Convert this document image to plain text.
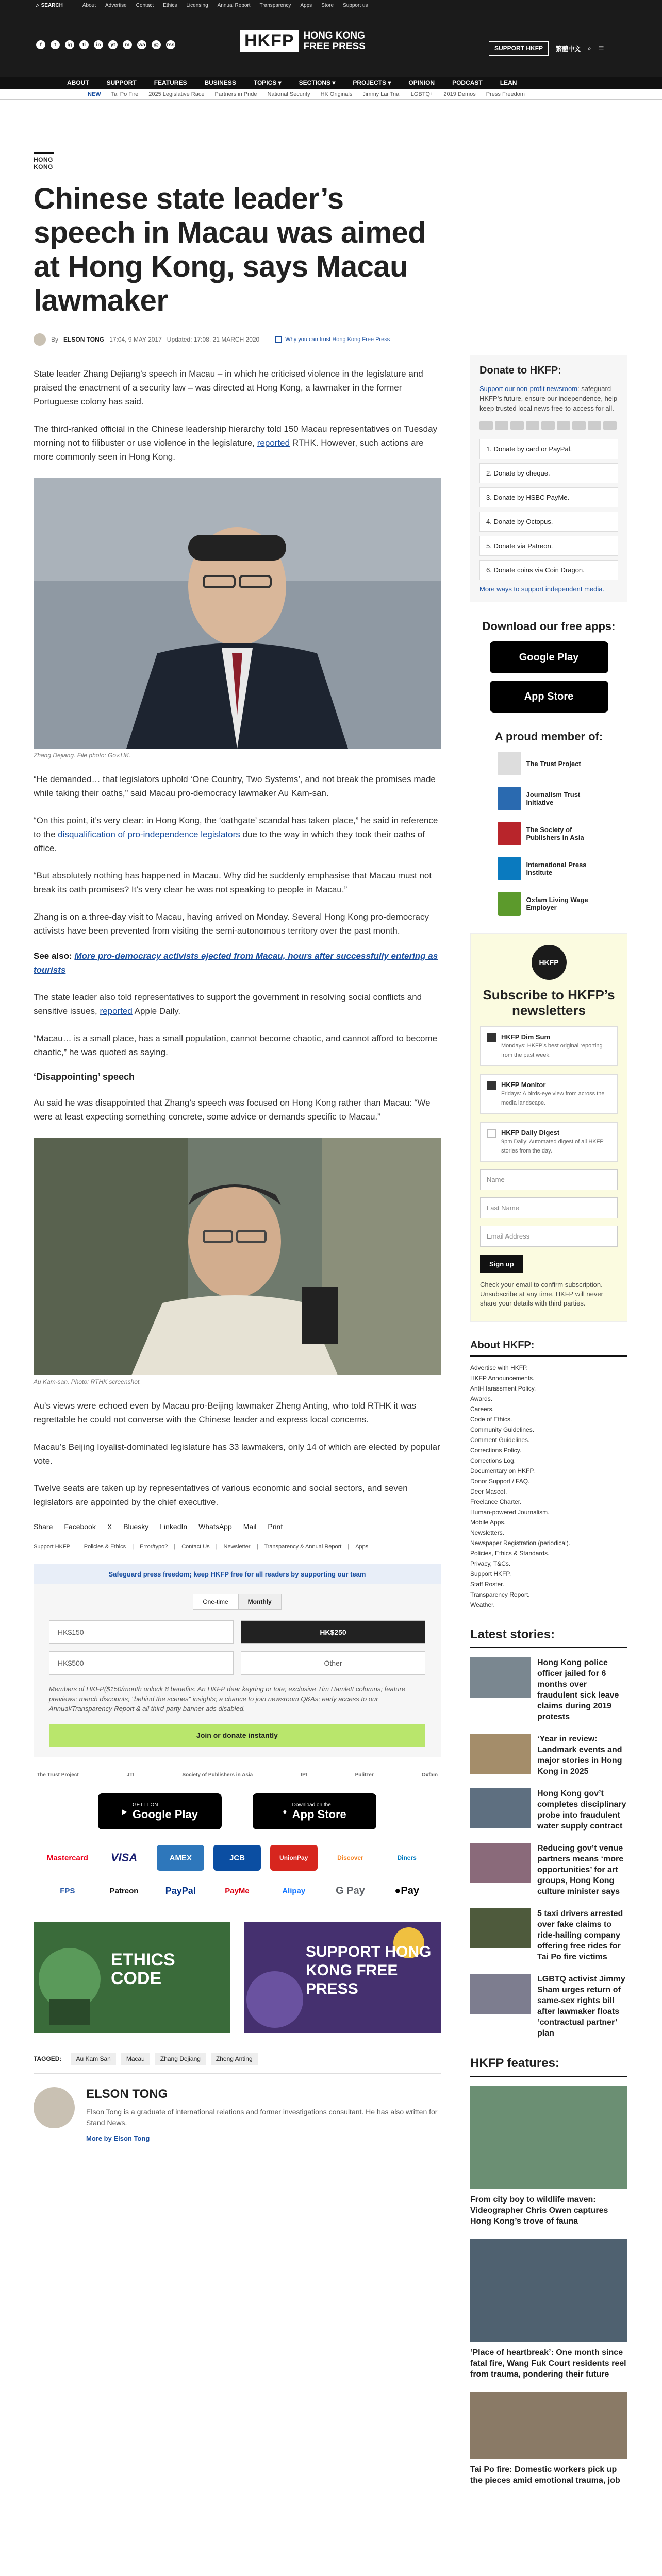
⌕ SEARCH	About Advertise Contact Ethics Licensing Annual Report Transparency Apps Store Support us
f	t	ig	ti	in	yt	m	wa	@	rss	HKFP HONG KONG
FREE PRESS	SUPPORT HKFP	繁體中文 ⌕ ☰
ABOUT	SUPPORT	FEATURES	BUSINESS	TOPICS ▾	SECTIONS ▾	PROJECTS ▾	OPINION	PODCAST	LEAN
NEW Tai Po Fire 2025 Legislative Race Partners in Pride National Security HK Originals Jimmy Lai Trial LGBTQ+ 2019 Demos Press Freedom
HONG KONG
Chinese state leader’s speech in Macau was aimed at Hong Kong, says Macau lawmaker
By ELSON TONG 17:04, 9 MAY 2017 Updated: 17:08, 21 MARCH 2020	Why you can trust Hong Kong Free Press

State leader Zhang Dejiang’s speech in Macau – in which he criticised violence in the legislature and praised the enactment of a security law – was directed at Hong Kong, a lawmaker in the former Portuguese colony has said.

The third-ranked official in the Chinese leadership hierarchy told 150 Macau representatives on Tuesday morning not to filibuster or use violence in the legislature, reported RTHK. However, such actions are more commonly seen in Hong Kong.

Zhang Dejiang. File photo: Gov.HK.

“He demanded… that legislators uphold ‘One Country, Two Systems’, and not break the promises made while taking their oaths,” said Macau pro-democracy lawmaker Au Kam-san.

“On this point, it’s very clear: in Hong Kong, the ‘oathgate’ scandal has taken place,” he said in reference to the disqualification of pro-independence legislators due to the way in which they took their oaths of office.

“But absolutely nothing has happened in Macau. Why did he suddenly emphasise that Macau must not break its oath promises? It’s very clear he was not speaking to people in Macau.”

Zhang is on a three-day visit to Macau, having arrived on Monday. Several Hong Kong pro-democracy activists have been prevented from visiting the semi-autonomous territory over the past month.

See also: More pro-democracy activists ejected from Macau, hours after successfully entering as tourists

The state leader also told representatives to support the government in resolving social conflicts and sensitive issues, reported Apple Daily.

“Macau… is a small place, has a small population, cannot become chaotic, and cannot afford to become chaotic,” he was quoted as saying.

‘Disappointing’ speech

Au said he was disappointed that Zhang’s speech was focused on Hong Kong rather than Macau: “We were at least expecting something concrete, some advice or demands specific to Macau.”

Au Kam-san. Photo: RTHK screenshot.

Au’s views were echoed even by Macau pro-Beijing lawmaker Zheng Anting, who told RTHK it was regrettable he could not converse with the Chinese leader and express local concerns.

Macau’s Beijing loyalist-dominated legislature has 33 lawmakers, only 14 of which are elected by popular vote.

Twelve seats are taken up by representatives of various economic and social sectors, and seven legislators are appointed by the chief executive.

Share Facebook X Bluesky LinkedIn WhatsApp Mail Print
Support HKFP | Policies & Ethics | Error/typo? | Contact Us | Newsletter | Transparency & Annual Report | Apps
Safeguard press freedom; keep HKFP free for all readers by supporting our team
One-time	Monthly
HK$150	HK$250
HK$500	Other
Members of HKFP($150/month unlock 8 benefits: An HKFP dear keyring or tote; exclusive Tim Hamlett columns; feature previews; merch discounts; "behind the scenes" insights; a chance to join newsroom Q&As; early access to our Annual/Transparency Report & all third-party banner ads disabled.
Join or donate instantly
The Trust Project	JTI	Society of Publishers in Asia	IPI	Pulitzer	Oxfam
▶
GET IT ON
Google Play	●
Download on the
App Store
Mastercard	VISA	AMEX	JCB	UnionPay	Discover	Diners
FPS	Patreon	PayPal	PayMe	Alipay	G Pay	● Pay
ETHICS CODE
SUPPORT HONG KONG FREE PRESS
TAGGED:	Au Kam San	Macau	Zhang Dejiang	Zheng Anting
ELSON TONG

Elson Tong is a graduate of international relations and former investigations consultant. He has also written for Stand News.

More by Elson Tong
Donate to HKFP:
Support our non-profit newsroom: safeguard HKFP’s future, ensure our independence, help keep trusted local news free-to-access for all.
1. Donate by card or PayPal.
2. Donate by cheque.
3. Donate by HSBC PayMe.
4. Donate by Octopus.
5. Donate via Patreon.
6. Donate coins via Coin Dragon.
More ways to support independent media.
Download our free apps:
Google Play
App Store
A proud member of:
The Trust Project
Journalism Trust Initiative
The Society of Publishers in Asia
International Press Institute
Oxfam Living Wage Employer
HKFP
Subscribe to HKFP’s newsletters
HKFP Dim Sum
Mondays: HKFP’s best original reporting from the past week.
HKFP Monitor
Fridays: A birds-eye view from across the media landscape.
HKFP Daily Digest
9pm Daily: Automated digest of all HKFP stories from the day.
Name
Last Name
Email Address
Sign up
Check your email to confirm subscription. Unsubscribe at any time. HKFP will never share your details with third parties.
About HKFP:
Advertise with HKFP.
HKFP Announcements.
Anti-Harassment Policy.
Awards.
Careers.
Code of Ethics.
Community Guidelines.
Comment Guidelines.
Corrections Policy.
Corrections Log.
Documentary on HKFP.
Donor Support / FAQ.
Deer Mascot.
Freelance Charter.
Human-powered Journalism.
Mobile Apps.
Newsletters.
Newspaper Registration (periodical).
Policies, Ethics & Standards.
Privacy, T&Cs.
Support HKFP.
Staff Roster.
Transparency Report.
Weather.
Latest stories:
Hong Kong police officer jailed for 6 months over fraudulent sick leave claims during 2019 protests
‘Year in review: Landmark events and major stories in Hong Kong in 2025
Hong Kong gov’t completes disciplinary probe into fraudulent water supply contract
Reducing gov’t venue partners means ‘more opportunities’ for art groups, Hong Kong culture minister says
5 taxi drivers arrested over fake claims to ride-hailing company offering free rides for Tai Po fire victims
LGBTQ activist Jimmy Sham urges return of same-sex rights bill after lawmaker floats ‘contractual partner’ plan
HKFP features:
From city boy to wildlife maven: Videographer Chris Owen captures Hong Kong’s trove of fauna
‘Place of heartbreak’: One month since fatal fire, Wang Fuk Court residents reel from trauma, pondering their future
Tai Po fire: Domestic workers pick up the pieces amid emotional trauma, job
